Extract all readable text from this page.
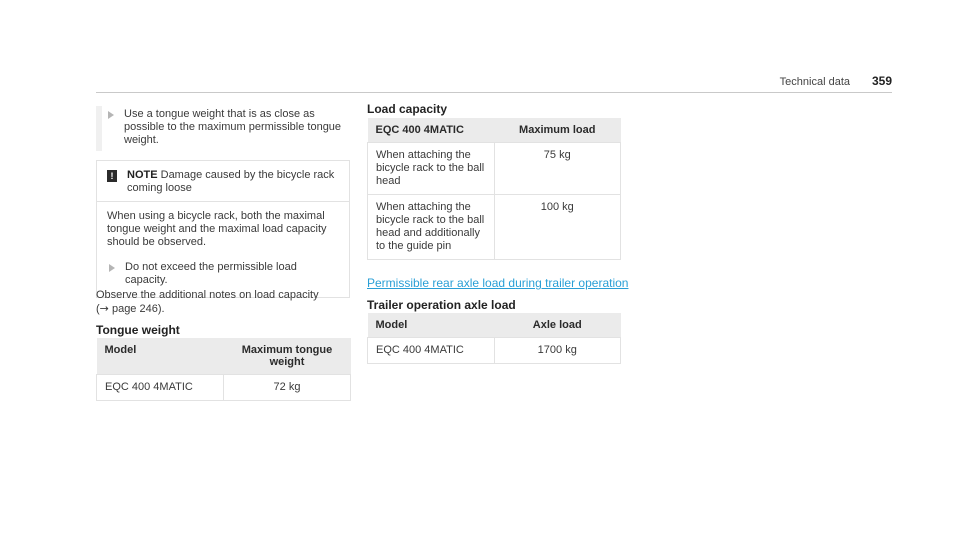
Technical data 359
Use a tongue weight that is as close as possible to the maximum permissible tongue weight.
!	NOTE Damage caused by the bicycle rack coming loose
When using a bicycle rack, both the maximal tongue weight and the maximal load capacity should be observed.
Do not exceed the permissible load capacity.
Observe the additional notes on load capacity
(→ page 246).
Tongue weight
Model	Maximum tongue weight
EQC 400 4MATIC	72 kg
Load capacity
EQC 400 4MATIC	Maximum load
When attaching the bicycle rack to the ball head	75 kg
When attaching the bicycle rack to the ball head and additionally to the guide pin	100 kg
Permissible rear axle load during trailer operation
Trailer operation axle load
Model	Axle load
EQC 400 4MATIC	1700 kg
